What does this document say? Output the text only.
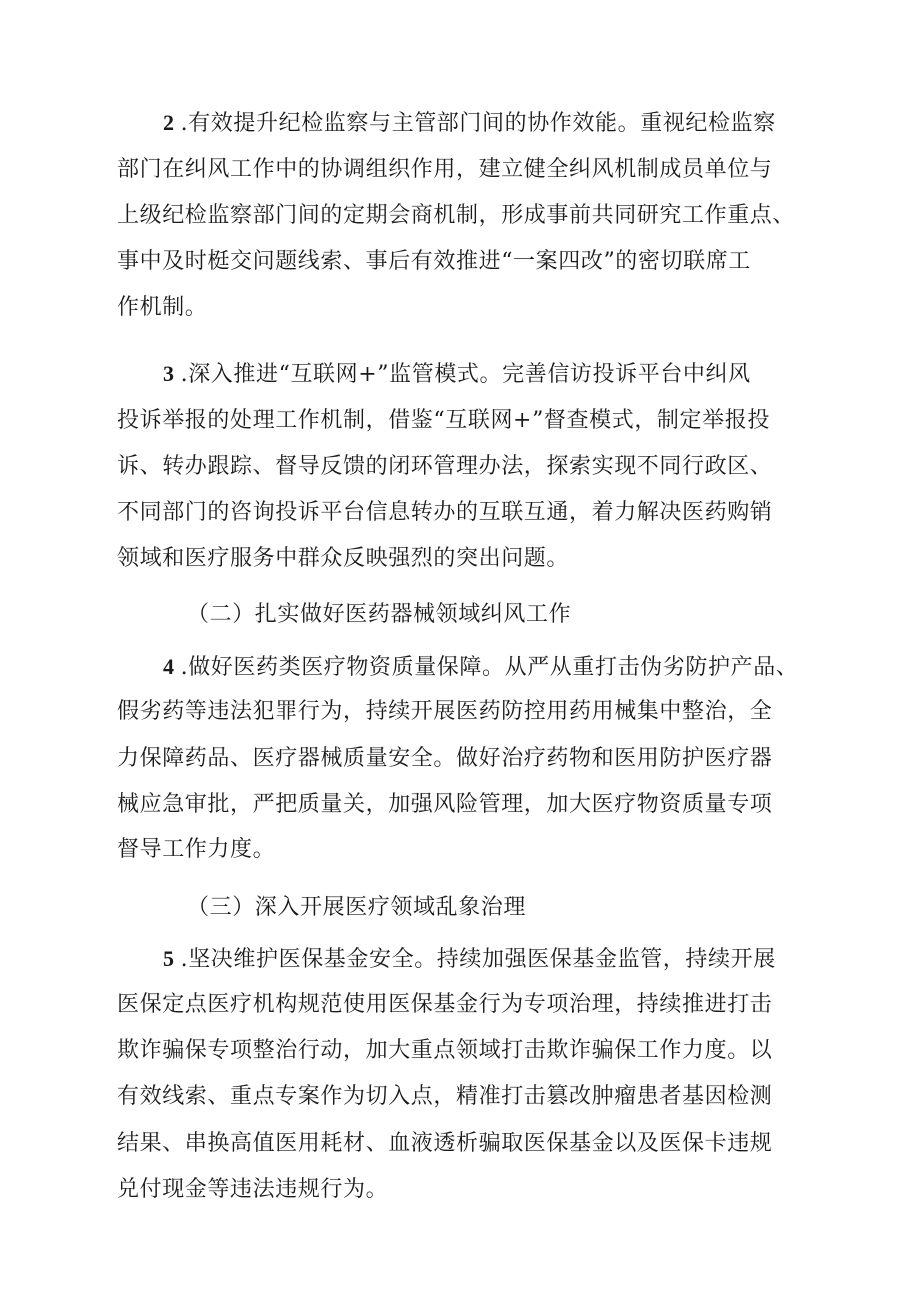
2 .有效提升纪检监察与主管部门间的协作效能。重视纪检监察
部门在纠风工作中的协调组织作用，建立健全纠风机制成员单位与
上级纪检监察部门间的定期会商机制，形成事前共同研究工作重点、
事中及时梃交问题线索、事后有效推进“一案四改”的密切联席工
作机制。
3 .深入推进“互联网+”监管模式。完善信访投诉平台中纠风
投诉举报的处理工作机制，借鉴“互联网+”督查模式，制定举报投
诉、转办跟踪、督导反馈的闭环管理办法，探索实现不同行政区、
不同部门的咨询投诉平台信息转办的互联互通，着力解决医药购销
领域和医疗服务中群众反映强烈的突出问题。
（二）扎实做好医药器械领域纠风工作
4 .做好医药类医疗物资质量保障。从严从重打击伪劣防护产品、
假劣药等违法犯罪行为，持续开展医药防控用药用械集中整治，全
力保障药品、医疗器械质量安全。做好治疗药物和医用防护医疗器
械应急审批，严把质量关，加强风险管理，加大医疗物资质量专项
督导工作力度。
（三）深入开展医疗领域乱象治理
5 .坚决维护医保基金安全。持续加强医保基金监管，持续开展
医保定点医疗机构规范使用医保基金行为专项治理，持续推进打击
欺诈骗保专项整治行动，加大重点领域打击欺诈骗保工作力度。以
有效线索、重点专案作为切入点，精准打击篡改肿瘤患者基因检测
结果、串换高值医用耗材、血液透析骗取医保基金以及医保卡违规
兑付现金等违法违规行为。
